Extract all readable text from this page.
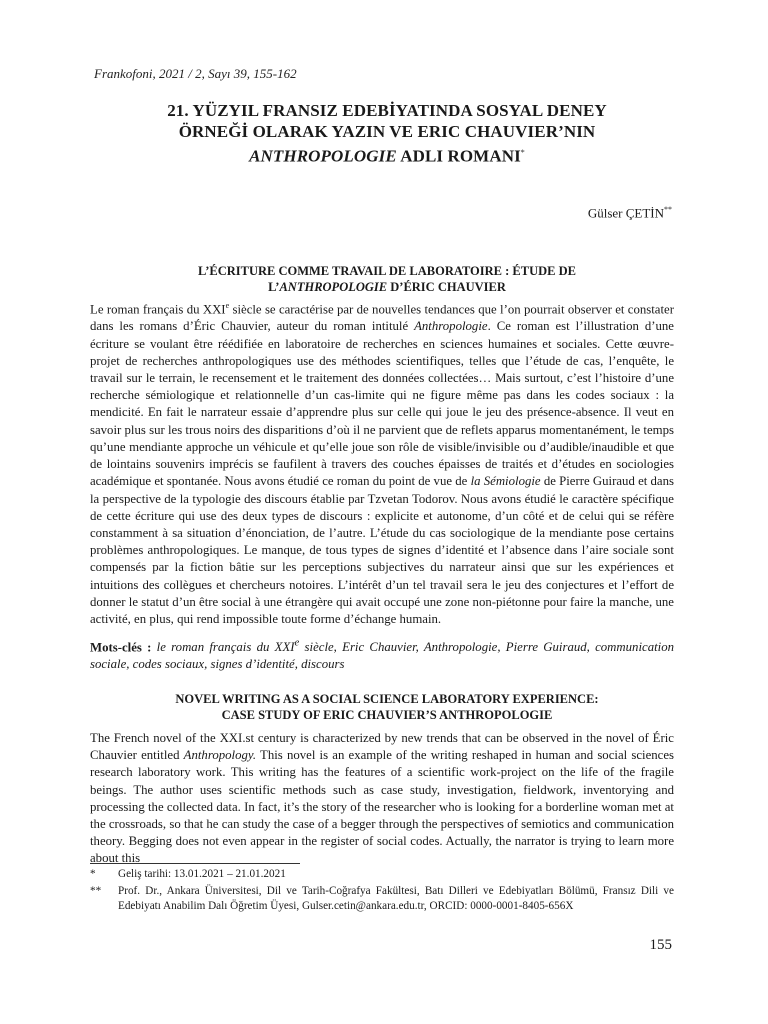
Frankofoni, 2021 / 2, Sayı 39, 155-162
21. YÜZYIL FRANSIZ EDEBİYATINDA SOSYAL DENEY
ÖRNEĞİ OLARAK YAZIN VE ERIC CHAUVIER’NIN
ANTHROPOLOGIE ADLI ROMANI*
Gülser ÇETİN**
L’ÉCRITURE COMME TRAVAIL DE LABORATOIRE : ÉTUDE DE
L’ANTHROPOLOGIE D’ÉRIC CHAUVIER
Le roman français du XXIe siècle se caractérise par de nouvelles tendances que l’on pourrait observer et constater dans les romans d’Éric Chauvier, auteur du roman intitulé Anthropologie. Ce roman est l’illustration d’une écriture se voulant être réédifiée en laboratoire de recherches en sciences humaines et sociales. Cette œuvre-projet de recherches anthropologiques use des méthodes scientifiques, telles que l’étude de cas, l’enquête, le travail sur le terrain, le recensement et le traitement des données collectées… Mais surtout, c’est l’histoire d’une recherche sémiologique et relationnelle d’un cas-limite qui ne figure même pas dans les codes sociaux : la mendicité. En fait le narrateur essaie d’apprendre plus sur celle qui joue le jeu des présence-absence. Il veut en savoir plus sur les trous noirs des disparitions d’où il ne parvient que de reflets apparus momentanément, le temps qu’une mendiante approche un véhicule et qu’elle joue son rôle de visible/invisible ou d’audible/inaudible et que de lointains souvenirs imprécis se faufilent à travers des couches épaisses de traités et d’études en sociologies académique et spontanée. Nous avons étudié ce roman du point de vue de la Sémiologie de Pierre Guiraud et dans la perspective de la typologie des discours établie par Tzvetan Todorov. Nous avons étudié le caractère spécifique de cette écriture qui use des deux types de discours : explicite et autonome, d’un côté et de celui qui se réfère constamment à sa situation d’énonciation, de l’autre. L’étude du cas sociologique de la mendiante pose certains problèmes anthropologiques. Le manque, de tous types de signes d’identité et l’absence dans l’aire sociale sont compensés par la fiction bâtie sur les perceptions subjectives du narrateur ainsi que sur les expériences et intuitions des collègues et chercheurs notoires. L’intérêt d’un tel travail sera le jeu des conjectures et l’effort de donner le statut d’un être social à une étrangère qui avait occupé une zone non-piétonne pour faire la manche, une activité, en plus, qui rend impossible toute forme d’échange humain.
Mots-clés : le roman français du XXIe siècle, Eric Chauvier, Anthropologie, Pierre Guiraud, communication sociale, codes sociaux, signes d’identité, discours
NOVEL WRITING AS A SOCIAL SCIENCE LABORATORY EXPERIENCE:
CASE STUDY OF ERIC CHAUVIER’S ANTHROPOLOGIE
The French novel of the XXI.st century is characterized by new trends that can be observed in the novel of Éric Chauvier entitled Anthropology. This novel is an example of the writing reshaped in human and social sciences research laboratory work. This writing has the features of a scientific work-project on the life of the fragile beings. The author uses scientific methods such as case study, investigation, fieldwork, inventorying and processing the collected data. In fact, it’s the story of the researcher who is looking for a borderline woman met at the crossroads, so that he can study the case of a begger through the perspectives of semiotics and communication theory. Begging does not even appear in the register of social codes. Actually, the narrator is trying to learn more about this
*	Geliş tarihi: 13.01.2021 – 21.01.2021
**	Prof. Dr., Ankara Üniversitesi, Dil ve Tarih-Coğrafya Fakültesi, Batı Dilleri ve Edebiyatları Bölümü, Fransız Dili ve Edebiyatı Anabilim Dalı Öğretim Üyesi, Gulser.cetin@ankara.edu.tr, ORCID: 0000-0001-8405-656X
155
